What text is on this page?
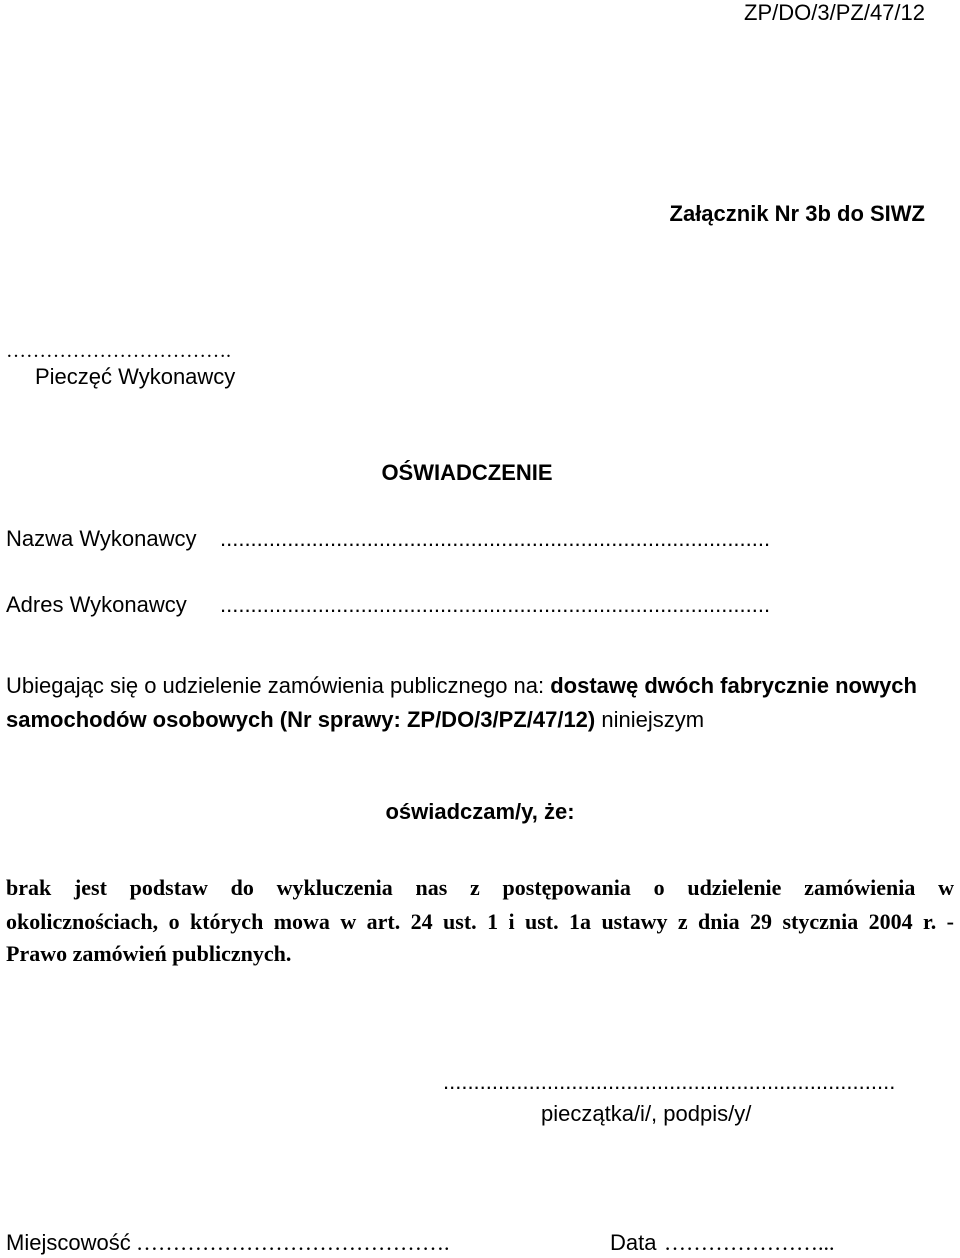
ZP/DO/3/PZ/47/12
Załącznik Nr 3b do SIWZ
…………………………….
Pieczęć Wykonawcy
OŚWIADCZENIE
Nazwa Wykonawcy ..........................................................................................
Adres Wykonawcy ..........................................................................................
Ubiegając się o udzielenie zamówienia publicznego na: dostawę dwóch fabrycznie nowych
samochodów osobowych (Nr sprawy: ZP/DO/3/PZ/47/12) niniejszym
oświadczam/y, że:
brak jest podstaw do wykluczenia nas z postępowania o udzielenie zamówienia w
okolicznościach, o których mowa w art. 24 ust. 1 i ust. 1a ustawy z dnia 29 stycznia 2004 r. -
Prawo zamówień publicznych.
..........................................................................
pieczątka/i/, podpis/y/
Miejscowość …………………………………….	Data …………………...
